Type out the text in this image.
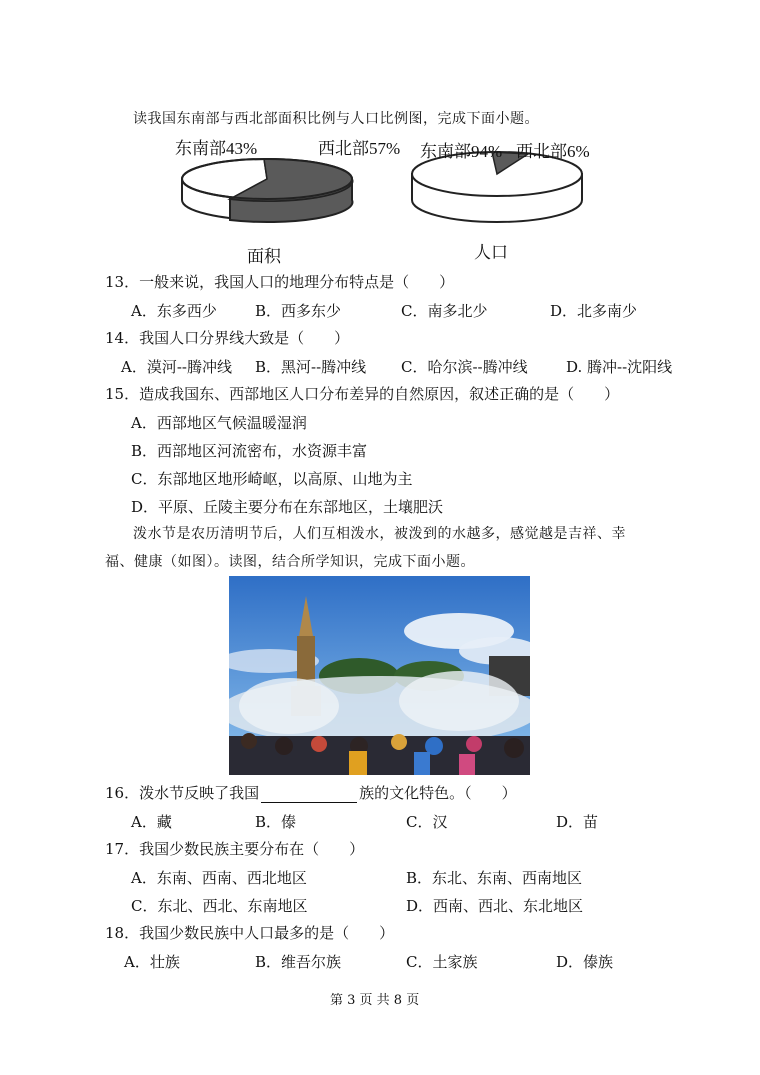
读我国东南部与西北部面积比例与人口比例图，完成下面小题。
东南部43%	西北部57%
面积
东南部94% 西北部6%
人口
13．一般来说，我国人口的地理分布特点是（　　）
A．东多西少	B．西多东少	C．南多北少	D．北多南少
14．我国人口分界线大致是（　　）
A．漠河--腾冲线 B．黑河--腾冲线 C．哈尔滨--腾冲线	D. 腾冲--沈阳线
15．造成我国东、西部地区人口分布差异的自然原因，叙述正确的是（　　）
A．西部地区气候温暖湿润
B．西部地区河流密布，水资源丰富
C．东部地区地形崎岖，以高原、山地为主
D．平原、丘陵主要分布在东部地区，土壤肥沃
泼水节是农历清明节后，人们互相泼水，被泼到的水越多，感觉越是吉祥、幸
福、健康（如图）。读图，结合所学知识，完成下面小题。
16．泼水节反映了我国	族的文化特色。（　　）
A．藏	B．傣	C．汉	D．苗
17．我国少数民族主要分布在（　　）
A．东南、西南、西北地区	B．东北、东南、西南地区
C．东北、西北、东南地区	D．西南、西北、东北地区
18．我国少数民族中人口最多的是（　　）
A．壮族	B．维吾尔族	C．土家族	D．傣族
第 3 页 共 8 页
